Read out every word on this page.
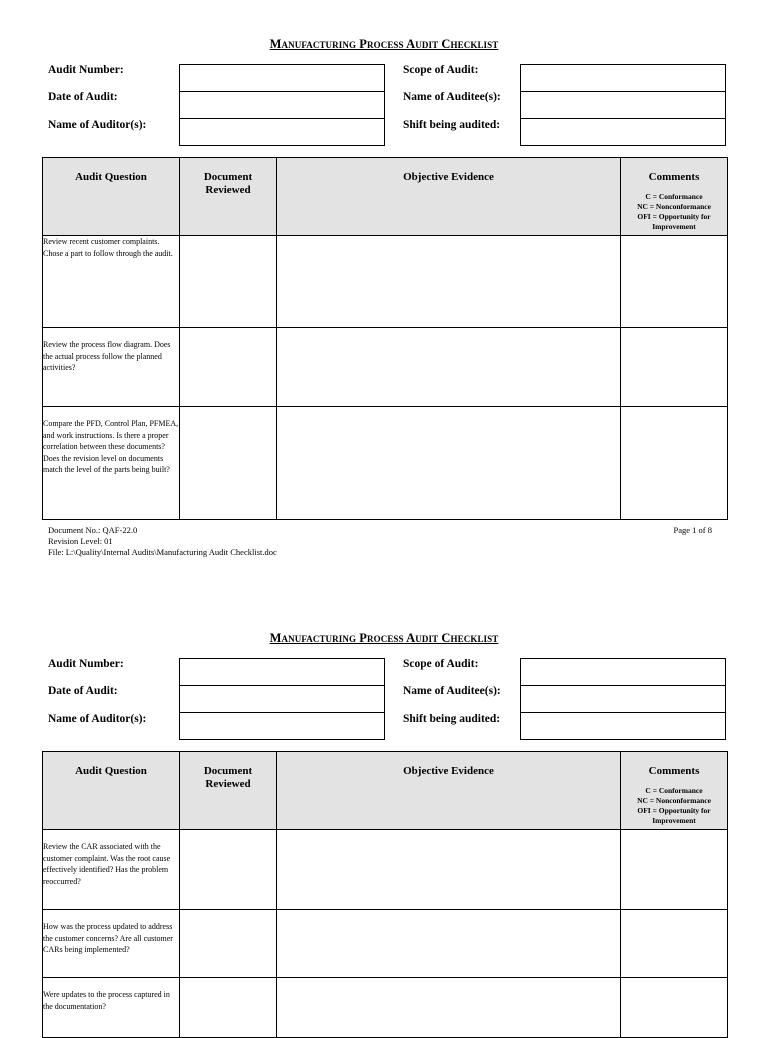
Manufacturing Process Audit Checklist
Audit Number:
Date of Audit:
Name of Auditor(s):
Scope of Audit:
Name of Auditee(s):
Shift being audited:
Audit Question	Document Reviewed	Objective Evidence	Comments
C = Conformance
NC = Nonconformance
OFI = Opportunity for
Improvement

Review recent customer complaints. Chose a part to follow through the audit.			
Review the process flow diagram. Does the actual process follow the planned activities?			
Compare the PFD, Control Plan, PFMEA, and work instructions. Is there a proper correlation between these documents? Does the revision level on documents match the level of the parts being built?			
Document No.: QAF-22.0
Revision Level: 01
File: L:\Quality\Internal Audits\Manufacturing Audit Checklist.doc
Page 1 of 8
Manufacturing Process Audit Checklist
Audit Number:
Date of Audit:
Name of Auditor(s):
Scope of Audit:
Name of Auditee(s):
Shift being audited:
Audit Question	Document Reviewed	Objective Evidence	Comments
C = Conformance
NC = Nonconformance
OFI = Opportunity for
Improvement

Review the CAR associated with the customer complaint. Was the root cause effectively identified? Has the problem reoccurred?			
How was the process updated to address the customer concerns? Are all customer CARs being implemented?			
Were updates to the process captured in the documentation?			
